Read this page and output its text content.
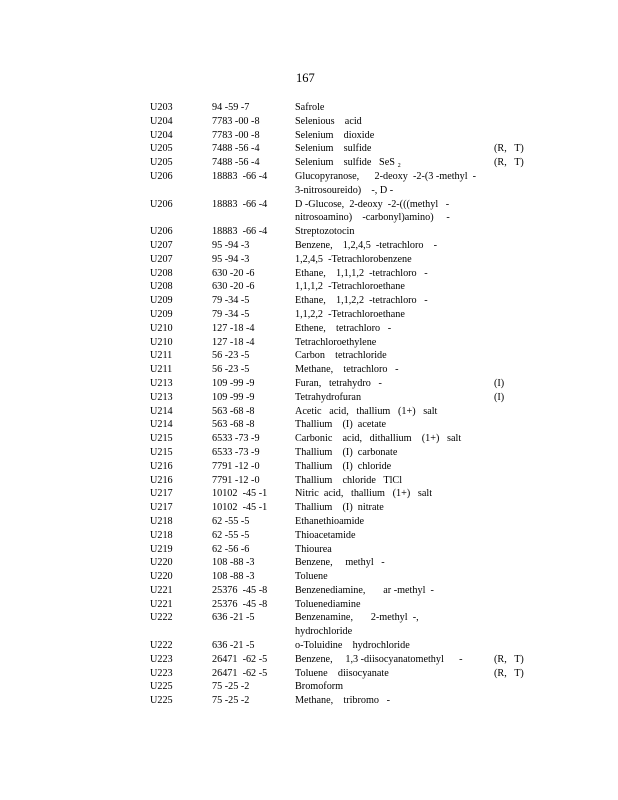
167
U203	94 -59 -7	Safrole
U204	7783 -00 -8	Selenious    acid
U204	7783 -00 -8	Selenium    dioxide
U205	7488 -56 -4	Selenium    sulfide	(R,   T)
U205	7488 -56 -4	Selenium    sulfide   SeS ₂	(R,   T)
U206	18883  -66 -4	Glucopyranose,      2-deoxy  -2-(3 -methyl  -
3-nitrosoureido)    -, D -
U206	18883  -66 -4	D -Glucose,  2-deoxy  -2-(((methyl   -
nitrosoamino)    -carbonyl)amino)     -
U206	18883  -66 -4	Streptozotocin
U207	95 -94 -3	Benzene,    1,2,4,5  -tetrachloro    -
U207	95 -94 -3	1,2,4,5  -Tetrachlorobenzene
U208	630 -20 -6	Ethane,    1,1,1,2  -tetrachloro   -
U208	630 -20 -6	1,1,1,2  -Tetrachloroethane
U209	79 -34 -5	Ethane,    1,1,2,2  -tetrachloro   -
U209	79 -34 -5	1,1,2,2  -Tetrachloroethane
U210	127 -18 -4	Ethene,    tetrachloro   -
U210	127 -18 -4	Tetrachloroethylene
U211	56 -23 -5	Carbon    tetrachloride
U211	56 -23 -5	Methane,    tetrachloro   -
U213	109 -99 -9	Furan,   tetrahydro   -	(I)
U213	109 -99 -9	Tetrahydrofuran	(I)
U214	563 -68 -8	Acetic   acid,   thallium   (1+)   salt
U214	563 -68 -8	Thallium    (I)  acetate
U215	6533 -73 -9	Carbonic    acid,   dithallium    (1+)   salt
U215	6533 -73 -9	Thallium    (I)  carbonate
U216	7791 -12 -0	Thallium    (I)  chloride
U216	7791 -12 -0	Thallium    chloride   TlCl
U217	10102  -45 -1	Nitric  acid,   thallium   (1+)   salt
U217	10102  -45 -1	Thallium    (I)  nitrate
U218	62 -55 -5	Ethanethioamide
U218	62 -55 -5	Thioacetamide
U219	62 -56 -6	Thiourea
U220	108 -88 -3	Benzene,     methyl   -
U220	108 -88 -3	Toluene
U221	25376  -45 -8	Benzenediamine,       ar -methyl  -
U221	25376  -45 -8	Toluenediamine
U222	636 -21 -5	Benzenamine,       2-methyl  -,
hydrochloride
U222	636 -21 -5	o-Toluidine    hydrochloride
U223	26471  -62 -5	Benzene,     1,3 -diisocyanatomethyl      -	(R,   T)
U223	26471  -62 -5	Toluene    diisocyanate	(R,   T)
U225	75 -25 -2	Bromoform
U225	75 -25 -2	Methane,    tribromo   -
